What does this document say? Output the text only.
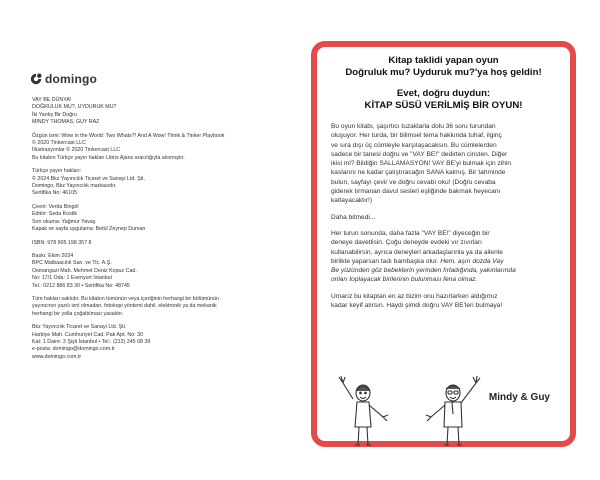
domingo
VAY BE DÜNYA!
DOĞRULUK MU?, UYDURUK MU?
İki Yanlış Bir Doğru
MINDY THOMAS, GUY RAZ
Özgün ismi: Wow in the World: Two Whats?! And A Wow! Think & Tinker Playbook
© 2020 Tinkercast LLC
İllüstrasyonlar © 2020 Tinkercast LLC
Bu kitabın Türkçe yayın hakları Libris Ajans aracılığıyla alınmıştır.
Türkçe yayın hakları:
© 2024 Bkz Yayıncılık Ticaret ve Sanayi Ltd. Şti.
Domingo, Bkz Yayıncılık markasıdır.
Sertifika No: 46105
Çeviri: Verda Bingöl
Editör: Seda Kostik
Son okuma: Yağmur Yavaş
Kapak ve sayfa uygulama: Betül Zeynep Duman
ISBN: 978 605 198 357 8
Baskı: Ekim 2024
BPC Matbaacılık San. ve Tic. A.Ş.
Osmangazi Mah. Mehmet Deniz Kopuz Cad.
No: 17/1 Oda: 1 Esenyurt İstanbul
Tel.: 0212 886 83 30 • Sertifika No: 48745
Tüm hakları saklıdır. Bu kitabın tümünün veya içeriğinin herhangi bir bölümünün
yayıncının yazılı izni olmadan, fotokopi yöntemi dahil, elektronik ya da mekanik
herhangi bir yolla çoğaltılması yasaktır.
Bkz Yayıncılık Ticaret ve Sanayi Ltd. Şti.
Harbiye Mah. Cumhuriyet Cad. Pak Apt. No: 30
Kat: 1 Daire: 3 Şişli İstanbul • Tel.: (212) 245 08 39
e-posta: domingo@domingo.com.tr
www.domingo.com.tr
Kitap taklidi yapan oyun
Doğruluk mu? Uyduruk mu?'ya hoş geldin!
Evet, doğru duydun:
KİTAP SÜSÜ VERİLMİŞ BİR OYUN!

Bu oyun kitabı, şaşırtıcı tuzaklarla dolu 36 soru turundan
oluşuyor. Her turda, bir bilimsel tema hakkında tuhaf, ilginç
ve sıra dışı üç cümleyle karşılaşacaksın. Bu cümlelerden
sadece bir tanesi doğru ve "VAY BE!" dedirten cinsten. Diğer
ikisi mi? Bildiğin SALLAMASYON! VAY BE'yi bulmak için zihin
kaslarını ne kadar çalıştıracağın SANA kalmış. Bir tahminde
bulun, sayfayı çevir ve doğru cevabı oku! (Doğru cevaba
giderek tırmanan davul sesleri eşliğinde bakmak heyecanı
katlayacaktır!)

Daha bitmedi...

Her turun sonunda, daha fazla "VAY BE!" diyeceğin bir
deneye davetlisin. Çoğu deneyde evdeki vır zıvırları
kullanabilirsin, ayrıca deneyleri arkadaşlarınla ya da ailenle
birlikte yaparsan tadı bambaşka olur. Hem, aşırı dozda Vay
Be yüzünden göz bebeklerin yerinden fırladığında, yakınlarında
onları toplayacak birilerinin bulunması fena olmaz.

Umarız bu kitaptan en az bizim onu hazırlarken aldığımız
kadar keyif alırsın. Haydi şimdi doğru VAY BE'leri bulmaya!

Mindy & Guy
